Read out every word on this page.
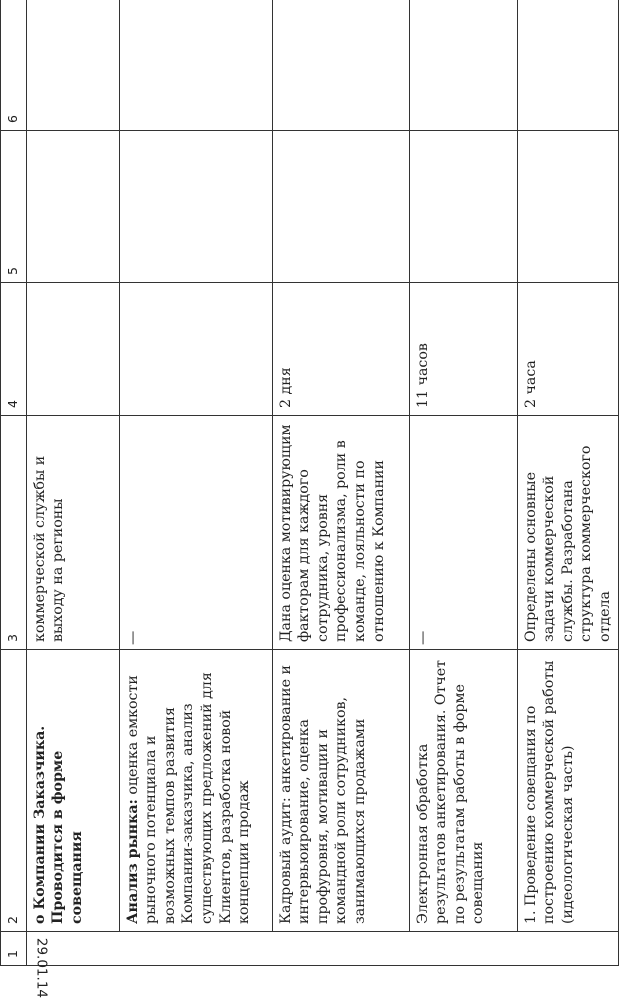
1	2	3	4	5	6

29.01.14	о Компании Заказчика. Проводится в форме совещания	коммерческой службы и выходу на регионы			
	Анализ рынка: оценка емкости рыночного потенциала и возможных темпов развития Компании-заказчика, анализ существующих предложений для Клиентов, разработка новой концепции продаж	—			
	Кадровый аудит: анкетирование и интервьюирование, оценка профуровня, мотивации и командной роли сотрудников, занимающихся продажами	Дана оценка мотивирующим факторам для каждого сотрудника, уровня профессионализма, роли в команде, лояльности по отношению к Компании	2 дня		
	Электронная обработка результатов анкетирования. Отчет по результатам работы в форме совещания	—	11 часов		
	1. Проведение совещания по построению коммерческой работы (идеологическая часть)	Определены основные задачи коммерческой службы. Разработана структура коммерческого отдела	2 часа		
